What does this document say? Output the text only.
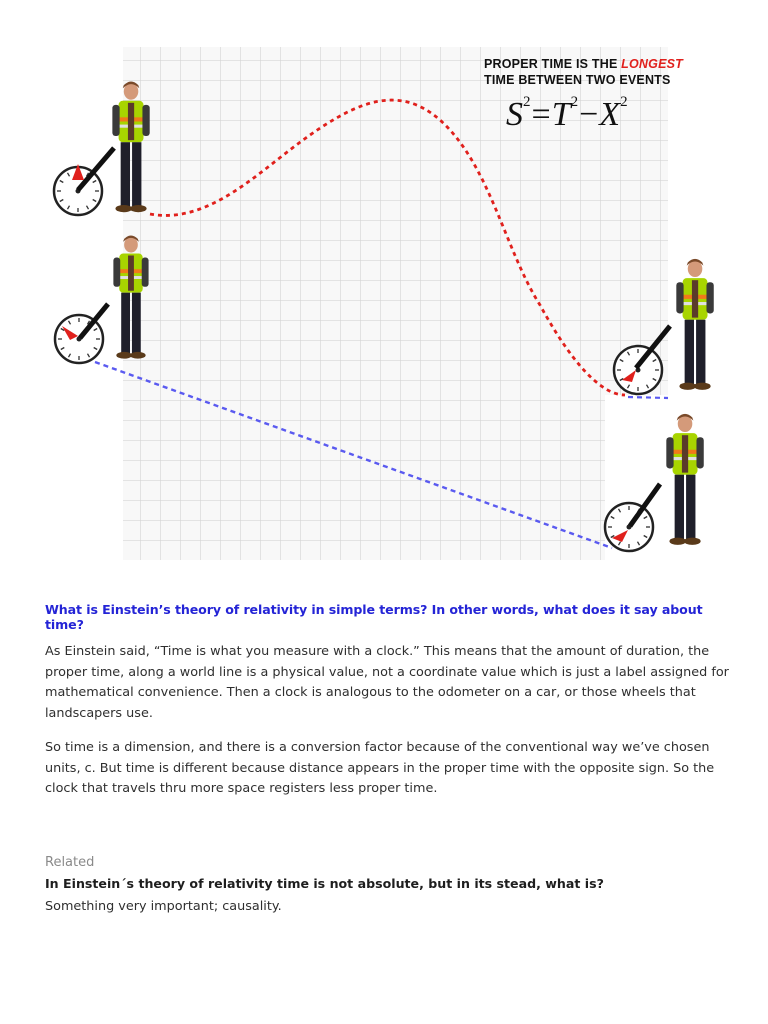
PROPER TIME IS THE LONGEST
TIME BETWEEN TWO EVENTS
$S^2=T^2-X^2$
What is Einstein’s theory of relativity in simple terms? In other words, what does it say about time?

As Einstein said, “Time is what you measure with a clock.” This means that the amount of duration, the proper time, along a world line is a physical value, not a coordinate value which is just a label assigned for mathematical convenience. Then a clock is analogous to the odometer on a car, or those wheels that landscapers use.

So time is a dimension, and there is a conversion factor because of the conventional way we’ve chosen units, c. But time is different because distance appears in the proper time with the opposite sign. So the clock that travels thru more space registers less proper time.

Related
In Einstein´s theory of relativity time is not absolute, but in its stead, what is?
Something very important; causality.
